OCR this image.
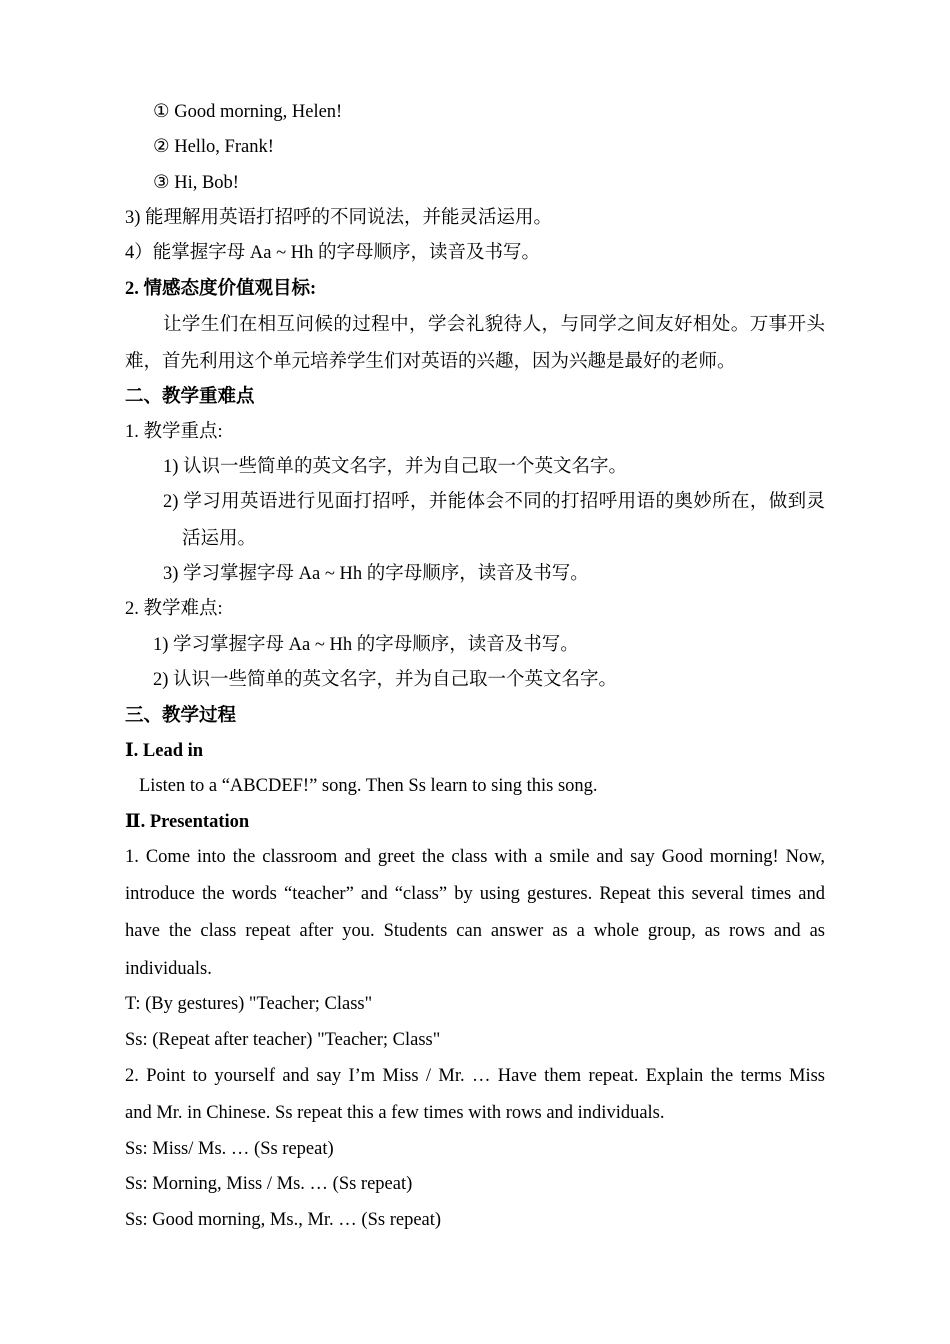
① Good morning, Helen!
② Hello, Frank!
③ Hi, Bob!
3) 能理解用英语打招呼的不同说法，并能灵活运用。
4）能掌握字母 Aa ~ Hh 的字母顺序，读音及书写。
2. 情感态度价值观目标:
让学生们在相互问候的过程中，学会礼貌待人，与同学之间友好相处。万事开头
难，首先利用这个单元培养学生们对英语的兴趣，因为兴趣是最好的老师。
二、教学重难点
1. 教学重点:
1) 认识一些简单的英文名字，并为自己取一个英文名字。
2) 学习用英语进行见面打招呼，并能体会不同的打招呼用语的奥妙所在，做到灵
活运用。
3) 学习掌握字母 Aa ~ Hh 的字母顺序，读音及书写。
2. 教学难点:
1) 学习掌握字母 Aa ~ Hh 的字母顺序，读音及书写。
2) 认识一些简单的英文名字，并为自己取一个英文名字。
三、教学过程
Ⅰ. Lead in
Listen to a “ABCDEF!” song. Then Ss learn to sing this song.
Ⅱ. Presentation
1. Come into the classroom and greet the class with a smile and say Good morning! Now,
introduce the words “teacher” and “class” by using gestures. Repeat this several times and
have the class repeat after you. Students can answer as a whole group, as rows and as
individuals.
T: (By gestures) "Teacher; Class"
Ss: (Repeat after teacher) "Teacher; Class"
2. Point to yourself and say I’m Miss / Mr. … Have them repeat. Explain the terms Miss
and Mr. in Chinese. Ss repeat this a few times with rows and individuals.
Ss: Miss/ Ms. … (Ss repeat)
Ss: Morning, Miss / Ms. … (Ss repeat)
Ss: Good morning, Ms., Mr. … (Ss repeat)
